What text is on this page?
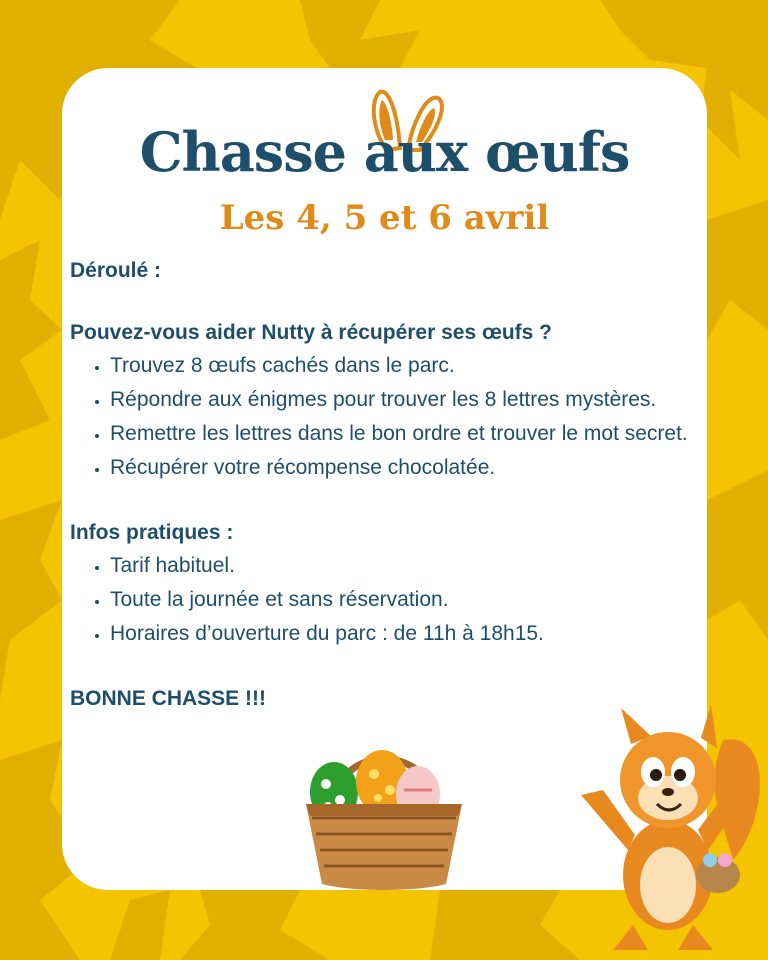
Chasse aux œufs
Les 4, 5 et 6 avril

Déroulé :

Pouvez-vous aider Nutty à récupérer ses œufs ?

• Trouvez 8 œufs cachés dans le parc.
• Répondre aux énigmes pour trouver les 8 lettres mystères.
• Remettre les lettres dans le bon ordre et trouver le mot secret.
• Récupérer votre récompense chocolatée.

Infos pratiques :

• Tarif habituel.
• Toute la journée et sans réservation.
• Horaires d’ouverture du parc : de 11h à 18h15.

BONNE CHASSE !!!
